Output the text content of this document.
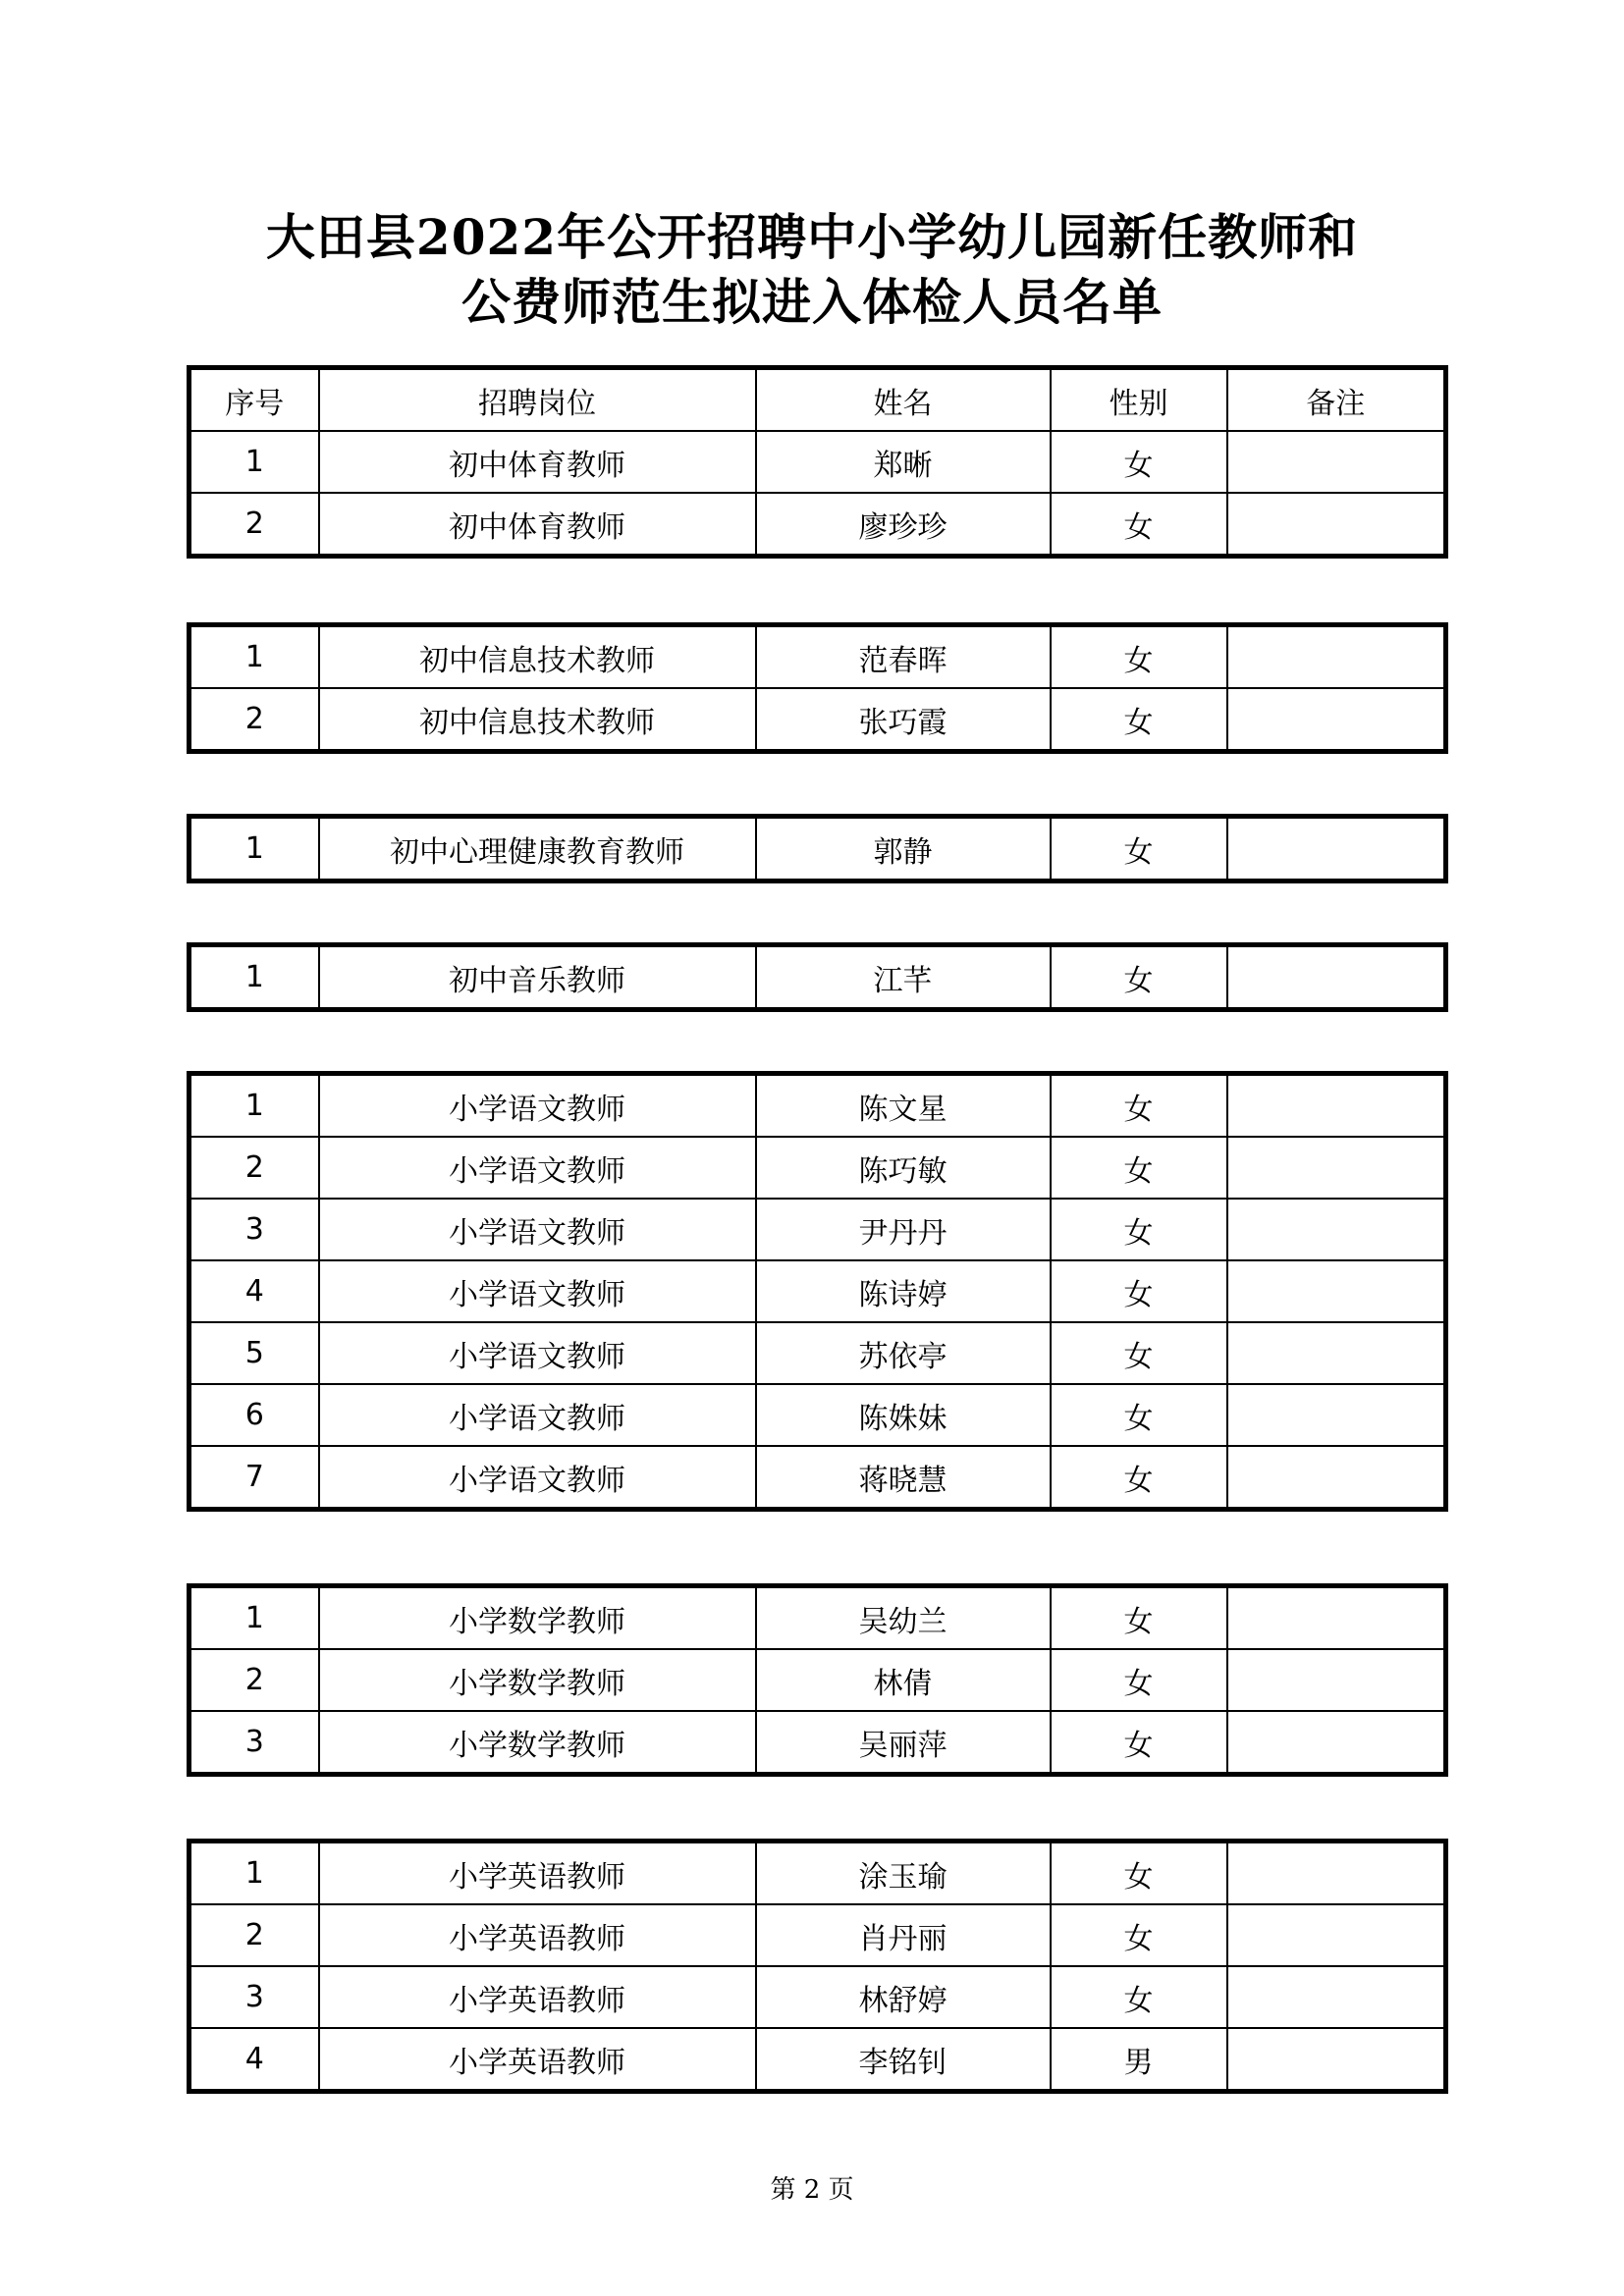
大田县2022年公开招聘中小学幼儿园新任教师和
公费师范生拟进入体检人员名单
序号	招聘岗位	姓名	性别	备注
1	初中体育教师	郑晰	女	
2	初中体育教师	廖珍珍	女	
1	初中信息技术教师	范春晖	女	
2	初中信息技术教师	张巧霞	女	
1	初中心理健康教育教师	郭静	女	
1	初中音乐教师	江芊	女	
1	小学语文教师	陈文星	女	
2	小学语文教师	陈巧敏	女	
3	小学语文教师	尹丹丹	女	
4	小学语文教师	陈诗婷	女	
5	小学语文教师	苏依亭	女	
6	小学语文教师	陈姝妹	女	
7	小学语文教师	蒋晓慧	女	
1	小学数学教师	吴幼兰	女	
2	小学数学教师	林倩	女	
3	小学数学教师	吴丽萍	女	
1	小学英语教师	涂玉瑜	女	
2	小学英语教师	肖丹丽	女	
3	小学英语教师	林舒婷	女	
4	小学英语教师	李铭钊	男	
第 2 页
